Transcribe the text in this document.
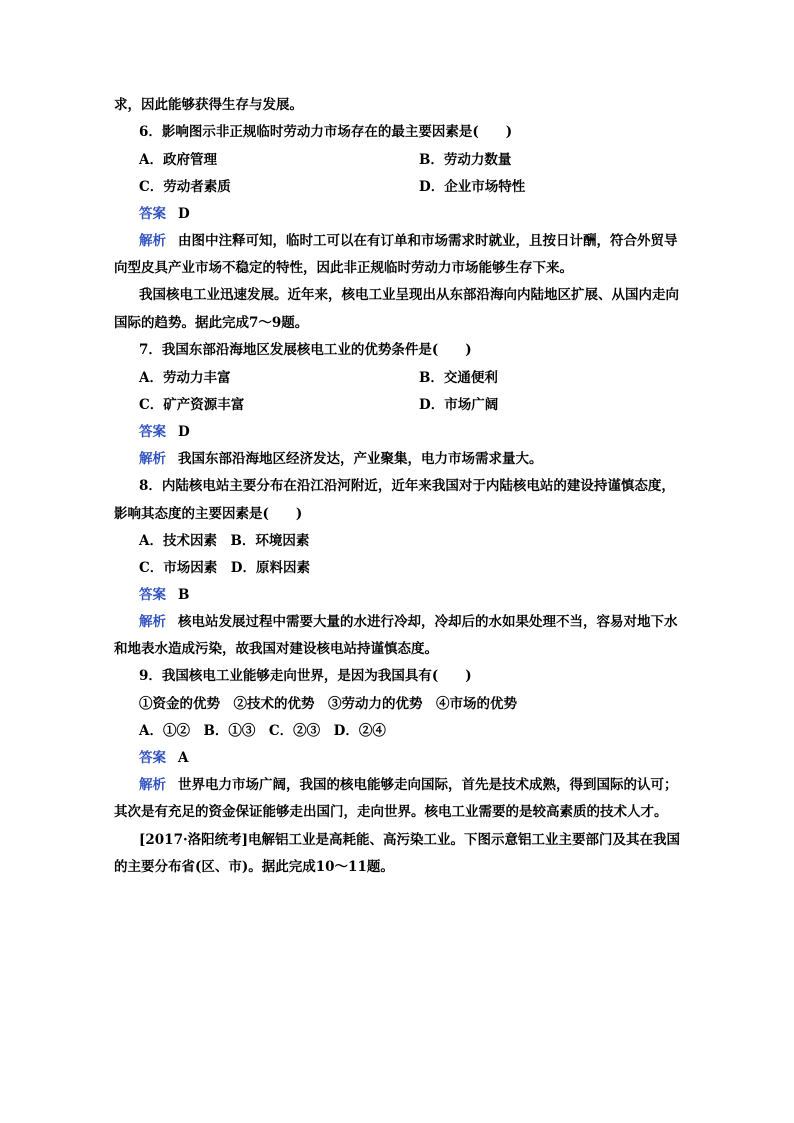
求，因此能够获得生存与发展。
6．影响图示非正规临时劳动力市场存在的最主要因素是(　　)
A．政府管理	B．劳动力数量
C．劳动者素质	D．企业市场特性
答案 D
解析 由图中注释可知，临时工可以在有订单和市场需求时就业，且按日计酬，符合外贸导
向型皮具产业市场不稳定的特性，因此非正规临时劳动力市场能够生存下来。
我国核电工业迅速发展。近年来，核电工业呈现出从东部沿海向内陆地区扩展、从国内走向
国际的趋势。据此完成7～9题。
7．我国东部沿海地区发展核电工业的优势条件是(　　)
A．劳动力丰富	B．交通便利
C．矿产资源丰富	D．市场广阔
答案 D
解析 我国东部沿海地区经济发达，产业聚集，电力市场需求量大。
8．内陆核电站主要分布在沿江沿河附近，近年来我国对于内陆核电站的建设持谨慎态度，
影响其态度的主要因素是(　　)
A．技术因素　B．环境因素
C．市场因素　D．原料因素
答案 B
解析 核电站发展过程中需要大量的水进行冷却，冷却后的水如果处理不当，容易对地下水
和地表水造成污染，故我国对建设核电站持谨慎态度。
9．我国核电工业能够走向世界，是因为我国具有(　　)
①资金的优势　②技术的优势　③劳动力的优势　④市场的优势
A．①②　B．①③　C．②③　D．②④
答案 A
解析 世界电力市场广阔，我国的核电能够走向国际，首先是技术成熟，得到国际的认可；
其次是有充足的资金保证能够走出国门，走向世界。核电工业需要的是较高素质的技术人才。
[2017·洛阳统考]电解铝工业是高耗能、高污染工业。下图示意铝工业主要部门及其在我国
的主要分布省(区、市)。据此完成10～11题。
